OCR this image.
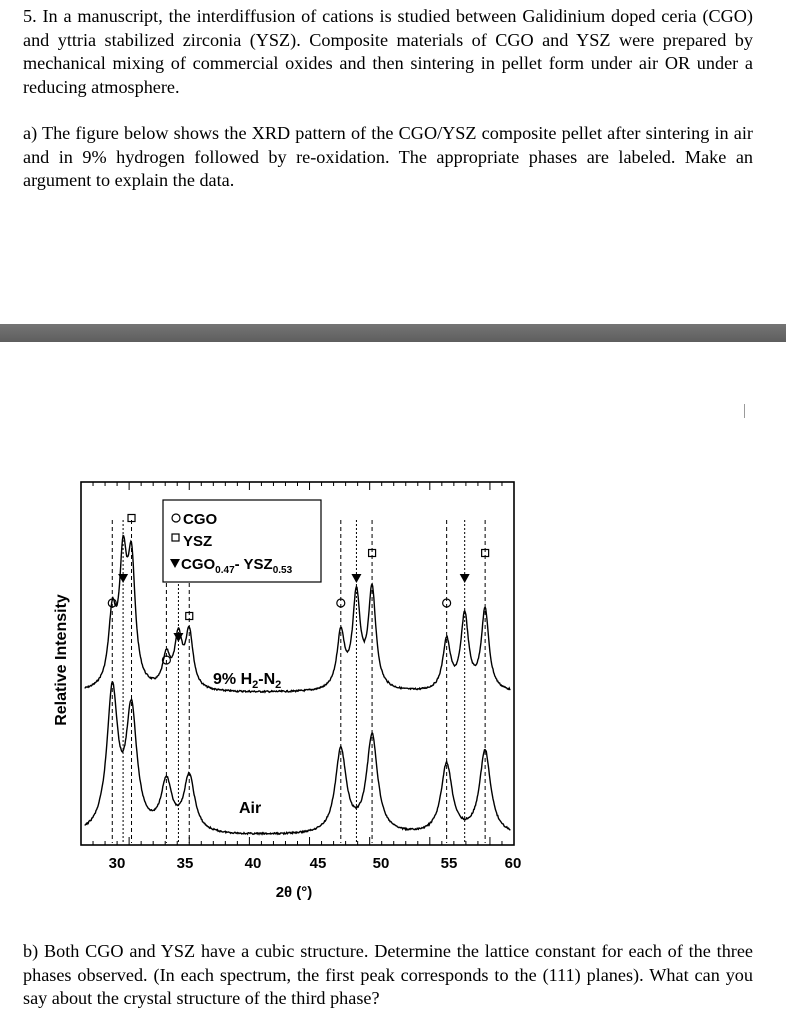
5. In a manuscript, the interdiffusion of cations is studied between Galidinium doped ceria (CGO) and yttria stabilized zirconia (YSZ). Composite materials of CGO and YSZ were prepared by mechanical mixing of commercial oxides and then sintering in pellet form under air OR under a reducing atmosphere.

a) The figure below shows the XRD pattern of the CGO/YSZ composite pellet after sintering in air and in 9% hydrogen followed by re-oxidation. The appropriate phases are labeled. Make an argument to explain the data.

CGO
YSZ
$CGO_{0.47}-$ $YSZ_{0.53}$
9% $H_2-N_2$
Air
30	35	40	45	50	55	60
2θ (°)
Relative Intensity

b) Both CGO and YSZ have a cubic structure. Determine the lattice constant for each of the three phases observed. (In each spectrum, the first peak corresponds to the (111) planes). What can you say about the crystal structure of the third phase?
